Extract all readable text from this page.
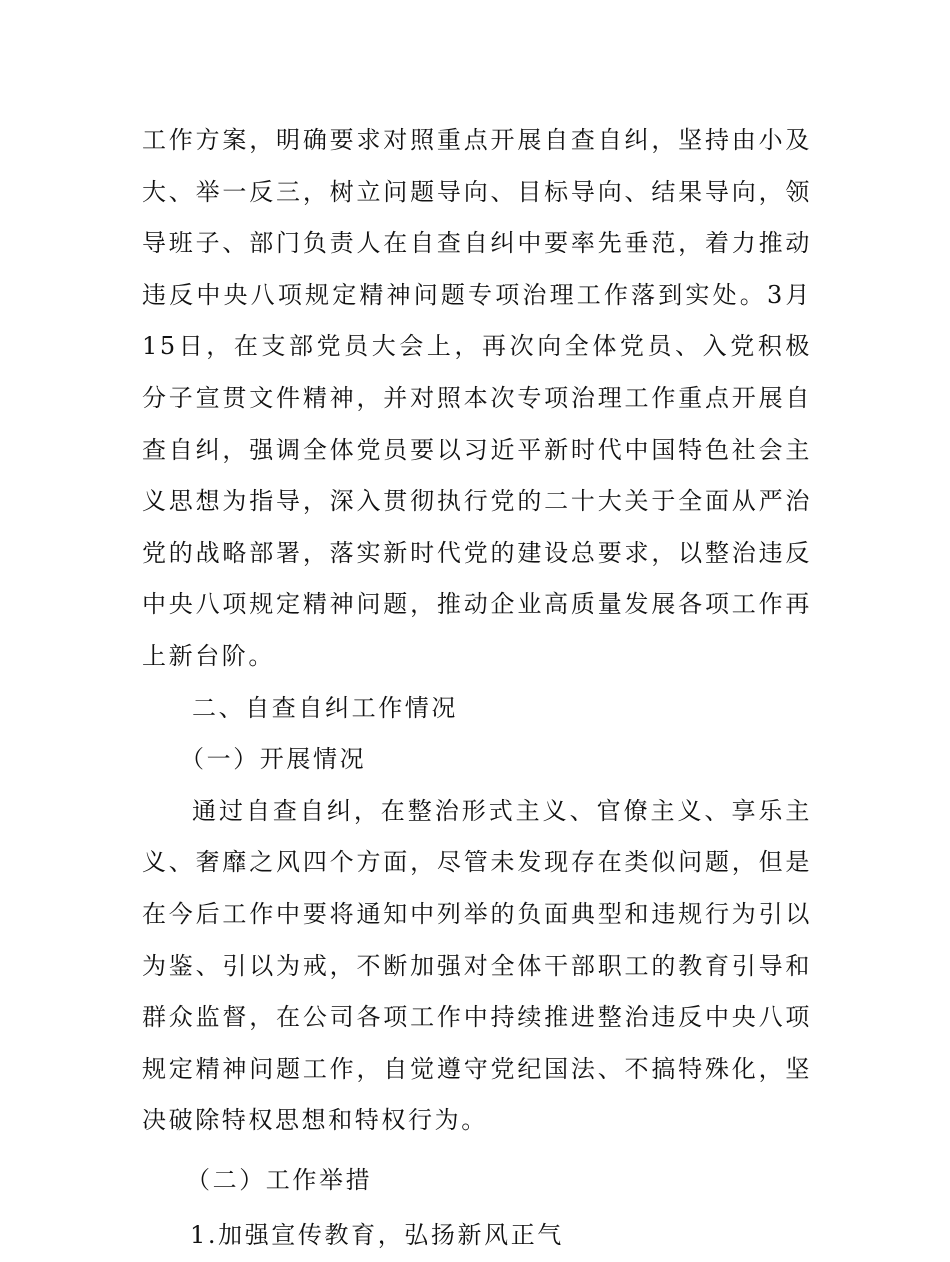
工作方案，明确要求对照重点开展自查自纠，坚持由小及大、举一反三，树立问题导向、目标导向、结果导向，领导班子、部门负责人在自查自纠中要率先垂范，着力推动违反中央八项规定精神问题专项治理工作落到实处。3月15日，在支部党员大会上，再次向全体党员、入党积极分子宣贯文件精神，并对照本次专项治理工作重点开展自查自纠，强调全体党员要以习近平新时代中国特色社会主义思想为指导，深入贯彻执行党的二十大关于全面从严治党的战略部署，落实新时代党的建设总要求，以整治违反中央八项规定精神问题，推动企业高质量发展各项工作再上新台阶。

二、自查自纠工作情况

（一）开展情况

通过自查自纠，在整治形式主义、官僚主义、享乐主义、奢靡之风四个方面，尽管未发现存在类似问题，但是在今后工作中要将通知中列举的负面典型和违规行为引以为鉴、引以为戒，不断加强对全体干部职工的教育引导和群众监督，在公司各项工作中持续推进整治违反中央八项规定精神问题工作，自觉遵守党纪国法、不搞特殊化，坚决破除特权思想和特权行为。

（二）工作举措

1.加强宣传教育，弘扬新风正气
